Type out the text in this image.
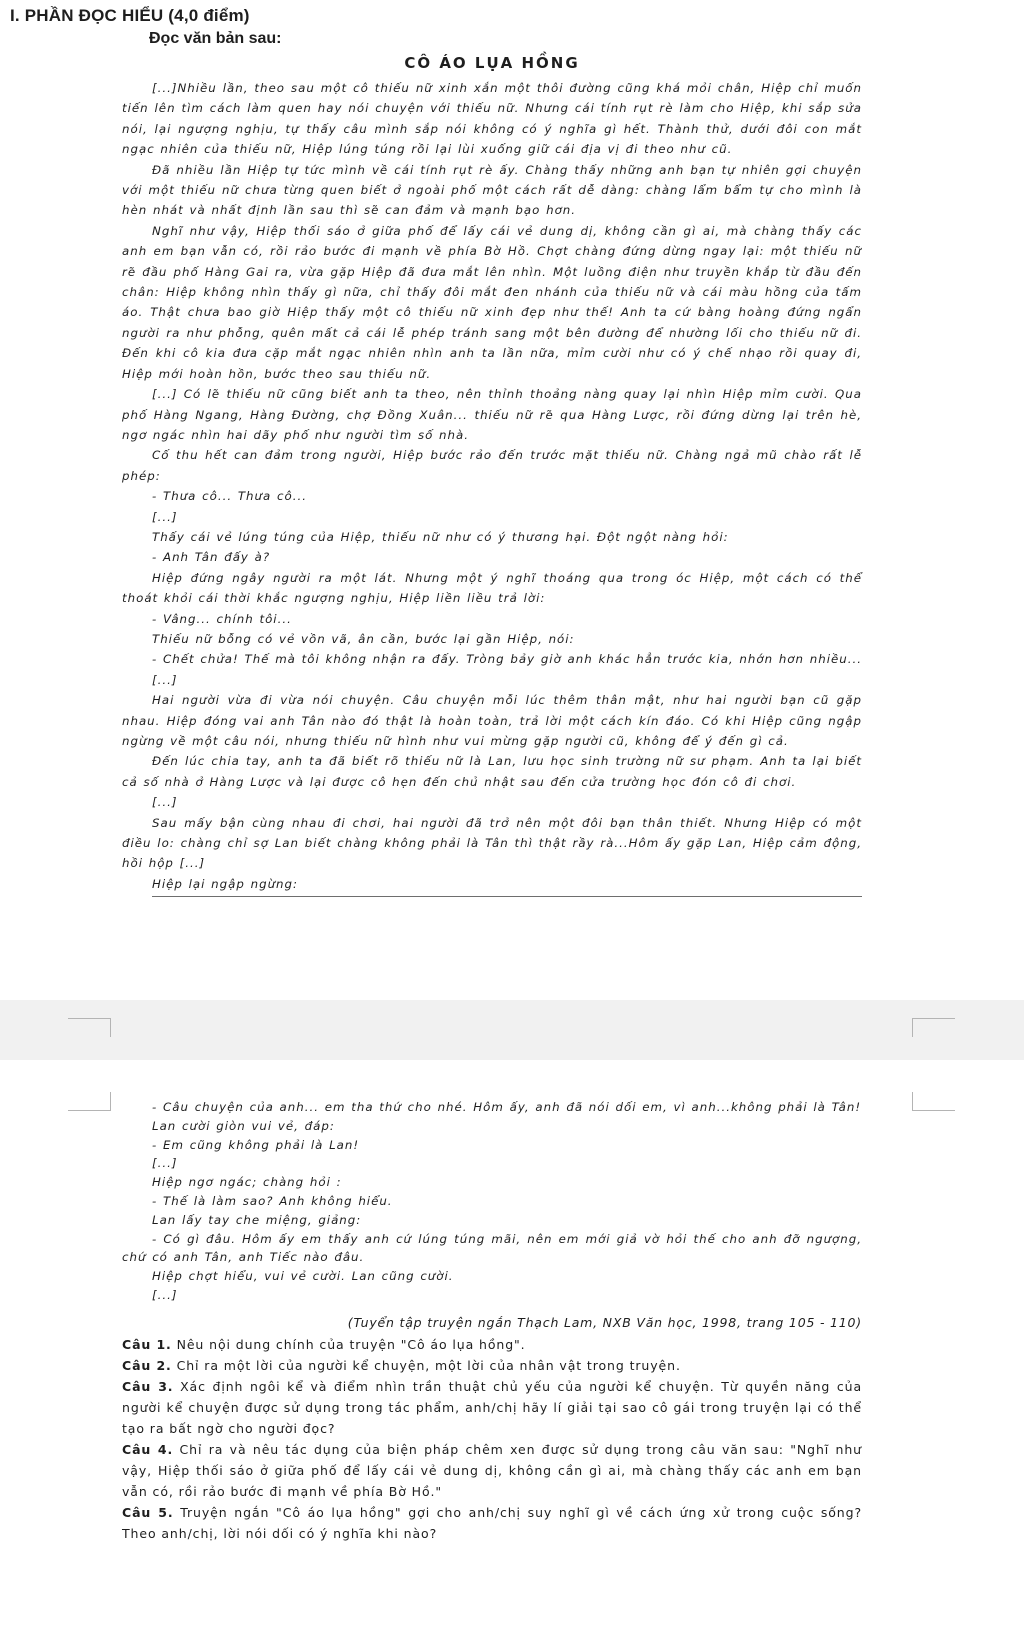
I. PHẦN ĐỌC HIỂU (4,0 điểm)
Đọc văn bản sau:
CÔ ÁO LỤA HỒNG

[...]Nhiều lần, theo sau một cô thiếu nữ xinh xắn một thôi đường cũng khá mỏi chân, Hiệp chỉ muốn tiến lên tìm cách làm quen hay nói chuyện với thiếu nữ. Nhưng cái tính rụt rè làm cho Hiệp, khi sắp sửa nói, lại ngượng nghịu, tự thấy câu mình sắp nói không có ý nghĩa gì hết. Thành thử, dưới đôi con mắt ngạc nhiên của thiếu nữ, Hiệp lúng túng rồi lại lùi xuống giữ cái địa vị đi theo như cũ.

Đã nhiều lần Hiệp tự tức mình về cái tính rụt rè ấy. Chàng thấy những anh bạn tự nhiên gợi chuyện với một thiếu nữ chưa từng quen biết ở ngoài phố một cách rất dễ dàng: chàng lẩm bẩm tự cho mình là hèn nhát và nhất định lần sau thì sẽ can đảm và mạnh bạo hơn.

Nghĩ như vậy, Hiệp thối sáo ở giữa phố để lấy cái vẻ dung dị, không cần gì ai, mà chàng thấy các anh em bạn vẫn có, rồi rảo bước đi mạnh về phía Bờ Hồ. Chợt chàng đứng dừng ngay lại: một thiếu nữ rẽ đầu phố Hàng Gai ra, vừa gặp Hiệp đã đưa mắt lên nhìn. Một luồng điện như truyền khắp từ đầu đến chân: Hiệp không nhìn thấy gì nữa, chỉ thấy đôi mắt đen nhánh của thiếu nữ và cái màu hồng của tấm áo. Thật chưa bao giờ Hiệp thấy một cô thiếu nữ xinh đẹp như thế! Anh ta cứ bàng hoàng đứng ngẩn người ra như phỗng, quên mất cả cái lễ phép tránh sang một bên đường để nhường lối cho thiếu nữ đi. Đến khi cô kia đưa cặp mắt ngạc nhiên nhìn anh ta lần nữa, mỉm cười như có ý chế nhạo rồi quay đi, Hiệp mới hoàn hồn, bước theo sau thiếu nữ.

[...] Có lẽ thiếu nữ cũng biết anh ta theo, nên thỉnh thoảng nàng quay lại nhìn Hiệp mỉm cười. Qua phố Hàng Ngang, Hàng Đường, chợ Đồng Xuân... thiếu nữ rẽ qua Hàng Lược, rồi đứng dừng lại trên hè, ngơ ngác nhìn hai dãy phố như người tìm số nhà.

Cố thu hết can đảm trong người, Hiệp bước rảo đến trước mặt thiếu nữ. Chàng ngả mũ chào rất lễ phép:

- Thưa cô... Thưa cô...

[...]

Thấy cái vẻ lúng túng của Hiệp, thiếu nữ như có ý thương hại. Đột ngột nàng hỏi:

- Anh Tân đấy à?

Hiệp đứng ngây người ra một lát. Nhưng một ý nghĩ thoáng qua trong óc Hiệp, một cách có thể thoát khỏi cái thời khắc ngượng nghịu, Hiệp liền liều trả lời:

- Vâng... chính tôi...

Thiếu nữ bỗng có vẻ vồn vã, ân cần, bước lại gần Hiệp, nói:

- Chết chửa! Thế mà tôi không nhận ra đấy. Tròng bảy giờ anh khác hẳn trước kia, nhớn hơn nhiều...

[...]

Hai người vừa đi vừa nói chuyện. Câu chuyện mỗi lúc thêm thân mật, như hai người bạn cũ gặp nhau. Hiệp đóng vai anh Tân nào đó thật là hoàn toàn, trả lời một cách kín đáo. Có khi Hiệp cũng ngập ngừng về một câu nói, nhưng thiếu nữ hình như vui mừng gặp người cũ, không để ý đến gì cả.

Đến lúc chia tay, anh ta đã biết rõ thiếu nữ là Lan, lưu học sinh trường nữ sư phạm. Anh ta lại biết cả số nhà ở Hàng Lược và lại được cô hẹn đến chủ nhật sau đến cửa trường học đón cô đi chơi.

[...]

Sau mấy bận cùng nhau đi chơi, hai người đã trở nên một đôi bạn thân thiết. Nhưng Hiệp có một điều lo: chàng chỉ sợ Lan biết chàng không phải là Tân thì thật rầy rà...Hôm ấy gặp Lan, Hiệp cảm động, hồi hộp [...]

Hiệp lại ngập ngừng:

- Câu chuyện của anh... em tha thứ cho nhé. Hôm ấy, anh đã nói dối em, vì anh...không phải là Tân!

Lan cười giòn vui vẻ, đáp:

- Em cũng không phải là Lan!

[...]

Hiệp ngơ ngác; chàng hỏi :

- Thế là làm sao? Anh không hiểu.

Lan lấy tay che miệng, giảng:

- Có gì đâu. Hôm ấy em thấy anh cứ lúng túng mãi, nên em mới giả vờ hỏi thế cho anh đỡ ngượng, chứ có anh Tân, anh Tiếc nào đâu.

Hiệp chợt hiểu, vui vẻ cười. Lan cũng cười.

[...]

(Tuyển tập truyện ngắn Thạch Lam, NXB Văn học, 1998, trang 105 - 110)
Câu 1. Nêu nội dung chính của truyện "Cô áo lụa hồng".
Câu 2. Chỉ ra một lời của người kể chuyện, một lời của nhân vật trong truyện.
Câu 3. Xác định ngôi kể và điểm nhìn trần thuật chủ yếu của người kể chuyện. Từ quyền năng của người kể chuyện được sử dụng trong tác phẩm, anh/chị hãy lí giải tại sao cô gái trong truyện lại có thể tạo ra bất ngờ cho người đọc?
Câu 4. Chỉ ra và nêu tác dụng của biện pháp chêm xen được sử dụng trong câu văn sau: "Nghĩ như vậy, Hiệp thối sáo ở giữa phố để lấy cái vẻ dung dị, không cần gì ai, mà chàng thấy các anh em bạn vẫn có, rồi rảo bước đi mạnh về phía Bờ Hồ."
Câu 5. Truyện ngắn "Cô áo lụa hồng" gợi cho anh/chị suy nghĩ gì về cách ứng xử trong cuộc sống? Theo anh/chị, lời nói dối có ý nghĩa khi nào?
